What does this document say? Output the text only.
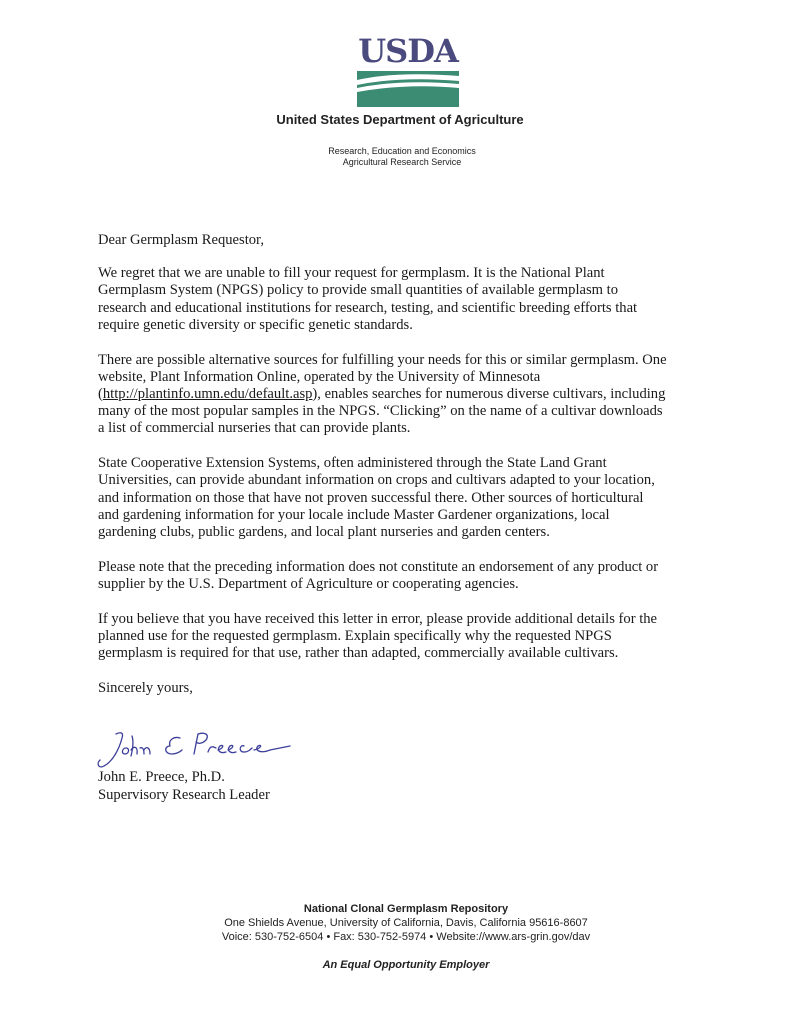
USDA
United States Department of Agriculture
Research, Education and Economics
Agricultural Research Service

Dear Germplasm Requestor,

We regret that we are unable to fill your request for germplasm. It is the National Plant
Germplasm System (NPGS) policy to provide small quantities of available germplasm to
research and educational institutions for research, testing, and scientific breeding efforts that
require genetic diversity or specific genetic standards.

There are possible alternative sources for fulfilling your needs for this or similar germplasm. One
website, Plant Information Online, operated by the University of Minnesota
(http://plantinfo.umn.edu/default.asp), enables searches for numerous diverse cultivars, including
many of the most popular samples in the NPGS. “Clicking” on the name of a cultivar downloads
a list of commercial nurseries that can provide plants.

State Cooperative Extension Systems, often administered through the State Land Grant
Universities, can provide abundant information on crops and cultivars adapted to your location,
and information on those that have not proven successful there. Other sources of horticultural
and gardening information for your locale include Master Gardener organizations, local
gardening clubs, public gardens, and local plant nurseries and garden centers.

Please note that the preceding information does not constitute an endorsement of any product or
supplier by the U.S. Department of Agriculture or cooperating agencies.

If you believe that you have received this letter in error, please provide additional details for the
planned use for the requested germplasm. Explain specifically why the requested NPGS
germplasm is required for that use, rather than adapted, commercially available cultivars.

Sincerely yours,

John E Preece
John E. Preece, Ph.D.
Supervisory Research Leader
National Clonal Germplasm Repository
One Shields Avenue, University of California, Davis, California 95616-8607
Voice: 530-752-6504 • Fax: 530-752-5974 • Website://www.ars-grin.gov/dav
An Equal Opportunity Employer
